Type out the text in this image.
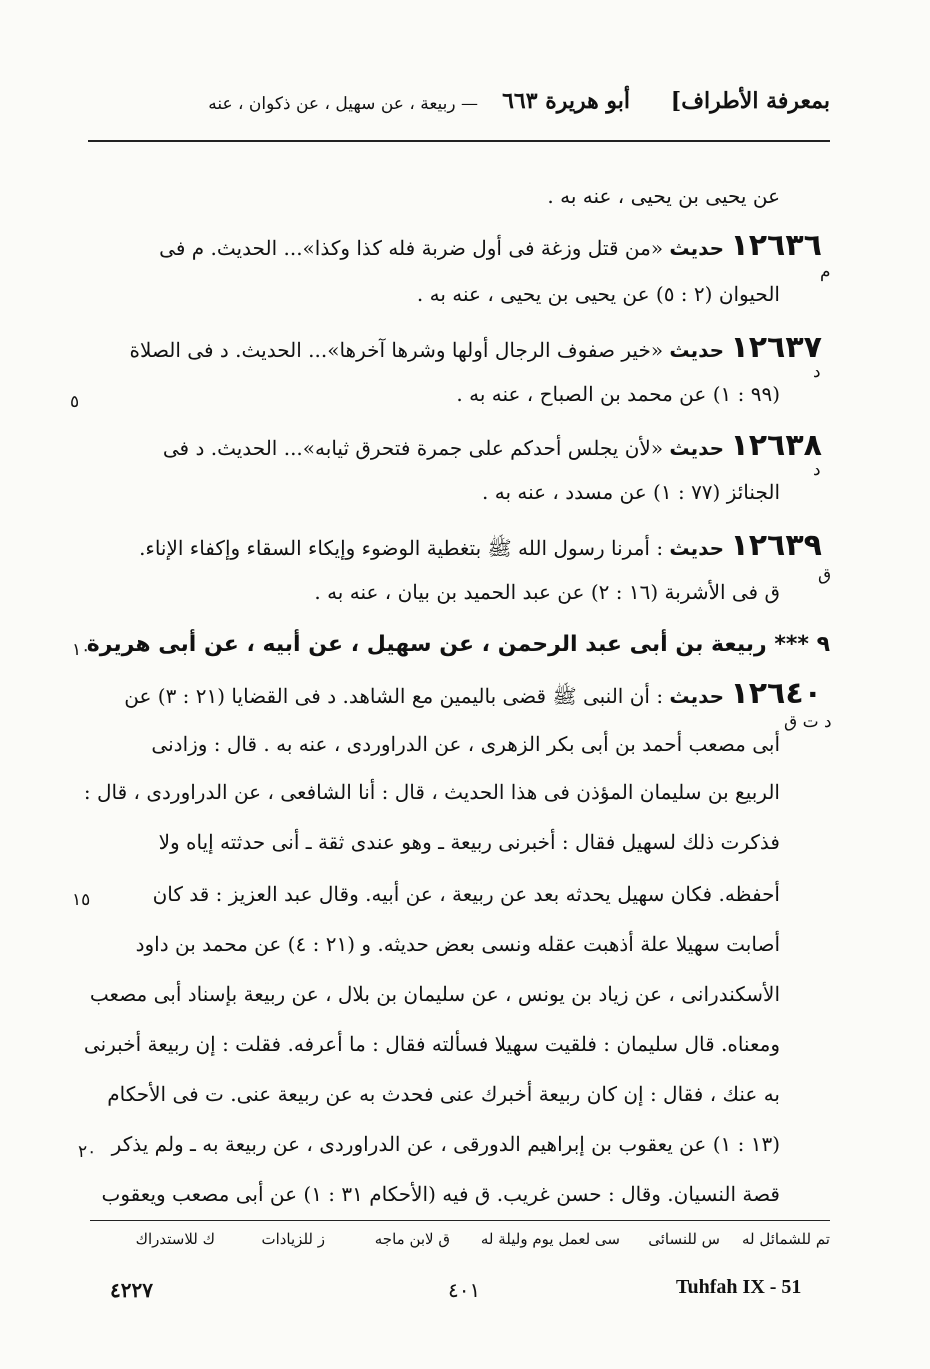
بمعرفة الأطراف]
أبو هريرة ٦٦٣
— ربيعة ، عن سهيل ، عن ذكوان ، عنه
عن يحيى بن يحيى ، عنه به .
١٢٦٣٦ حديث «من قتل وزغة فى أول ضربة فله كذا وكذا»... الحديث. م فى
الحيوان (٢ : ٥) عن يحيى بن يحيى ، عنه به .
م
١٢٦٣٧ حديث «خير صفوف الرجال أولها وشرها آخرها»... الحديث. د فى الصلاة
(٩٩ : ١) عن محمد بن الصباح ، عنه به .
د
٥
١٢٦٣٨ حديث «لأن يجلس أحدكم على جمرة فتحرق ثيابه»... الحديث. د فى
الجنائز (٧٧ : ١) عن مسدد ، عنه به .
د
١٢٦٣٩ حديث : أمرنا رسول الله ﷺ بتغطية الوضوء وإيكاء السقاء وإكفاء الإناء.
ق فى الأشربة (١٦ : ٢) عن عبد الحميد بن بيان ، عنه به .
ق
٩ *** ربيعة بن أبى عبد الرحمن ، عن سهيل ، عن أبيه ، عن أبى هريرة
١٠
١٢٦٤٠ حديث : أن النبى ﷺ قضى باليمين مع الشاهد. د فى القضايا (٢١ : ٣) عن
أبى مصعب أحمد بن أبى بكر الزهرى ، عن الدراوردى ، عنه به . قال : وزادنى
د ت ق
الربيع بن سليمان المؤذن فى هذا الحديث ، قال : أنا الشافعى ، عن الدراوردى ، قال :
فذكرت ذلك لسهيل فقال : أخبرنى ربيعة ـ وهو عندى ثقة ـ أنى حدثته إياه ولا
أحفظه. فكان سهيل يحدثه بعد عن ربيعة ، عن أبيه. وقال عبد العزيز : قد كان
١٥
أصابت سهيلا علة أذهبت عقله ونسى بعض حديثه. و (٢١ : ٤) عن محمد بن داود
الأسكندرانى ، عن زياد بن يونس ، عن سليمان بن بلال ، عن ربيعة بإسناد أبى مصعب
ومعناه. قال سليمان : فلقيت سهيلا فسألته فقال : ما أعرفه. فقلت : إن ربيعة أخبرنى
به عنك ، فقال : إن كان ربيعة أخبرك عنى فحدث به عن ربيعة عنى. ت فى الأحكام
(١٣ : ١) عن يعقوب بن إبراهيم الدورقى ، عن الدراوردى ، عن ربيعة به ـ ولم يذكر
٢٠
قصة النسيان. وقال : حسن غريب. ق فيه (الأحكام ٣١ : ١) عن أبى مصعب ويعقوب
تم للشمائل له
س للنسائى
سى لعمل يوم وليلة له
ق لابن ماجه
ز للزيادات
ك للاستدراك
٤٢٢٧	٤٠١	Tuhfah IX - 51
